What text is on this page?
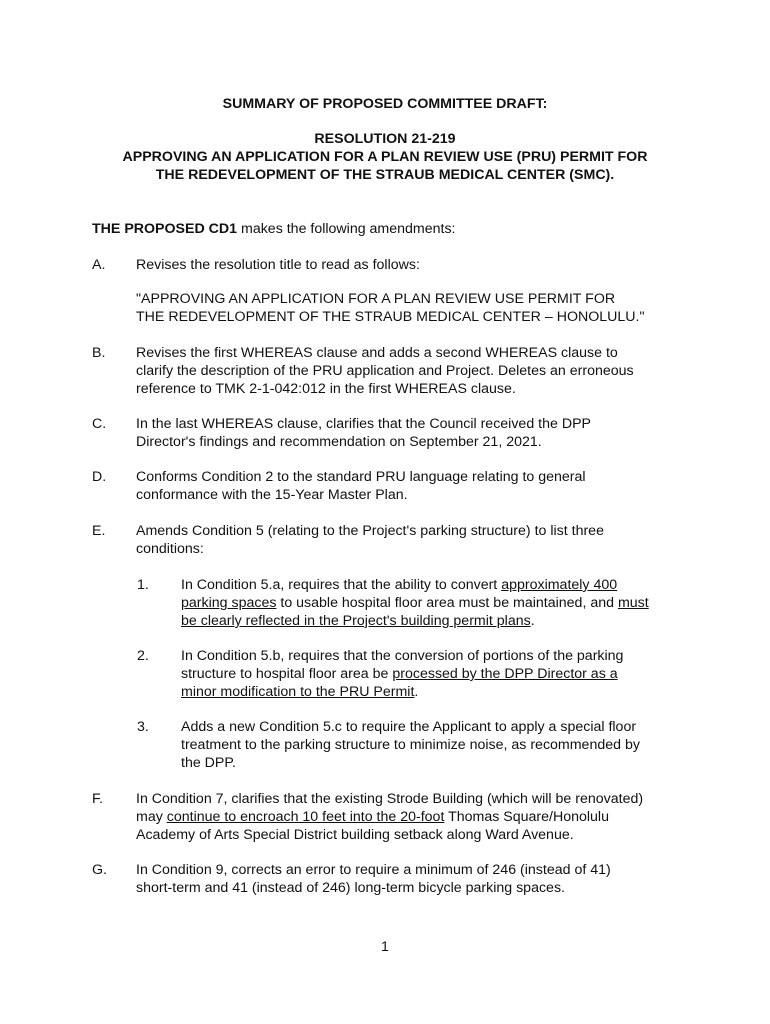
SUMMARY OF PROPOSED COMMITTEE DRAFT:
RESOLUTION 21-219
APPROVING AN APPLICATION FOR A PLAN REVIEW USE (PRU) PERMIT FOR
THE REDEVELOPMENT OF THE STRAUB MEDICAL CENTER (SMC).
THE PROPOSED CD1 makes the following amendments:
A. Revises the resolution title to read as follows:
"APPROVING AN APPLICATION FOR A PLAN REVIEW USE PERMIT FOR
THE REDEVELOPMENT OF THE STRAUB MEDICAL CENTER – HONOLULU."
B. Revises the first WHEREAS clause and adds a second WHEREAS clause to
clarify the description of the PRU application and Project. Deletes an erroneous
reference to TMK 2-1-042:012 in the first WHEREAS clause.
C. In the last WHEREAS clause, clarifies that the Council received the DPP
Director's findings and recommendation on September 21, 2021.
D. Conforms Condition 2 to the standard PRU language relating to general
conformance with the 15-Year Master Plan.
E. Amends Condition 5 (relating to the Project's parking structure) to list three
conditions:
1. In Condition 5.a, requires that the ability to convert approximately 400
parking spaces to usable hospital floor area must be maintained, and must
be clearly reflected in the Project's building permit plans.
2. In Condition 5.b, requires that the conversion of portions of the parking
structure to hospital floor area be processed by the DPP Director as a
minor modification to the PRU Permit.
3. Adds a new Condition 5.c to require the Applicant to apply a special floor
treatment to the parking structure to minimize noise, as recommended by
the DPP.
F. In Condition 7, clarifies that the existing Strode Building (which will be renovated)
may continue to encroach 10 feet into the 20-foot Thomas Square/Honolulu
Academy of Arts Special District building setback along Ward Avenue.
G. In Condition 9, corrects an error to require a minimum of 246 (instead of 41)
short-term and 41 (instead of 246) long-term bicycle parking spaces.
1
